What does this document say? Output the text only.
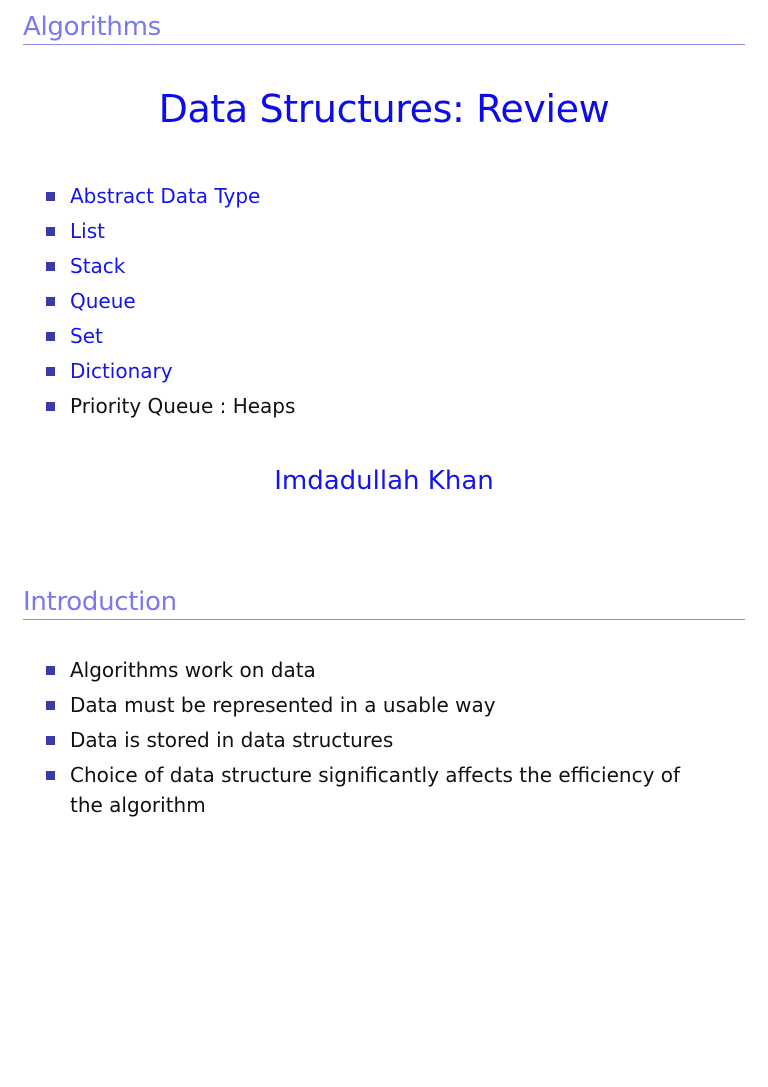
Algorithms
Data Structures: Review
Abstract Data Type
List
Stack
Queue
Set
Dictionary
Priority Queue : Heaps
Imdadullah Khan
Introduction
Algorithms work on data
Data must be represented in a usable way
Data is stored in data structures
Choice of data structure significantly affects the efficiency of the algorithm
